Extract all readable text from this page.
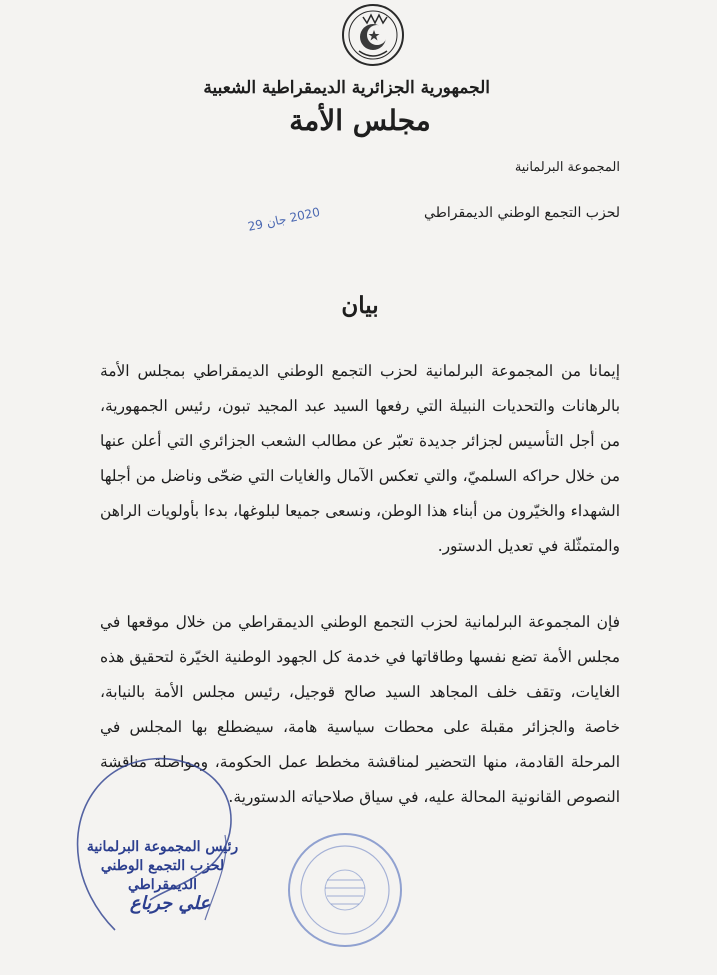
الجمهورية الجزائرية الديمقراطية الشعبية
مجلس الأمة
المجموعة البرلمانية
لحزب التجمع الوطني الديمقراطي
2020 جان 29
بيان
إيمانا من المجموعة البرلمانية لحزب التجمع الوطني الديمقراطي بمجلس الأمة بالرهانات والتحديات النبيلة التي رفعها السيد عبد المجيد تبون، رئيس الجمهورية، من أجل التأسيس لجزائر جديدة تعبّر عن مطالب الشعب الجزائري التي أعلن عنها من خلال حراكه السلميّ، والتي تعكس الآمال والغايات التي ضحّى وناضل من أجلها الشهداء والخيّرون من أبناء هذا الوطن، ونسعى جميعا لبلوغها، بدءا بأولويات الراهن والمتمثّلة في تعديل الدستور.
فإن المجموعة البرلمانية لحزب التجمع الوطني الديمقراطي من خلال موقعها في مجلس الأمة تضع نفسها وطاقاتها في خدمة كل الجهود الوطنية الخيّرة لتحقيق هذه الغايات، وتقف خلف المجاهد السيد صالح قوجيل، رئيس مجلس الأمة بالنيابة، خاصة والجزائر مقبلة على محطات سياسية هامة، سيضطلع بها المجلس في المرحلة القادمة، منها التحضير لمناقشة مخطط عمل الحكومة، ومواصلة مناقشة النصوص القانونية المحالة عليه، في سياق صلاحياته الدستورية.
رئيس المجموعة البرلمانية
لحزب التجمع الوطني الديمقراطي
علي جرباع
